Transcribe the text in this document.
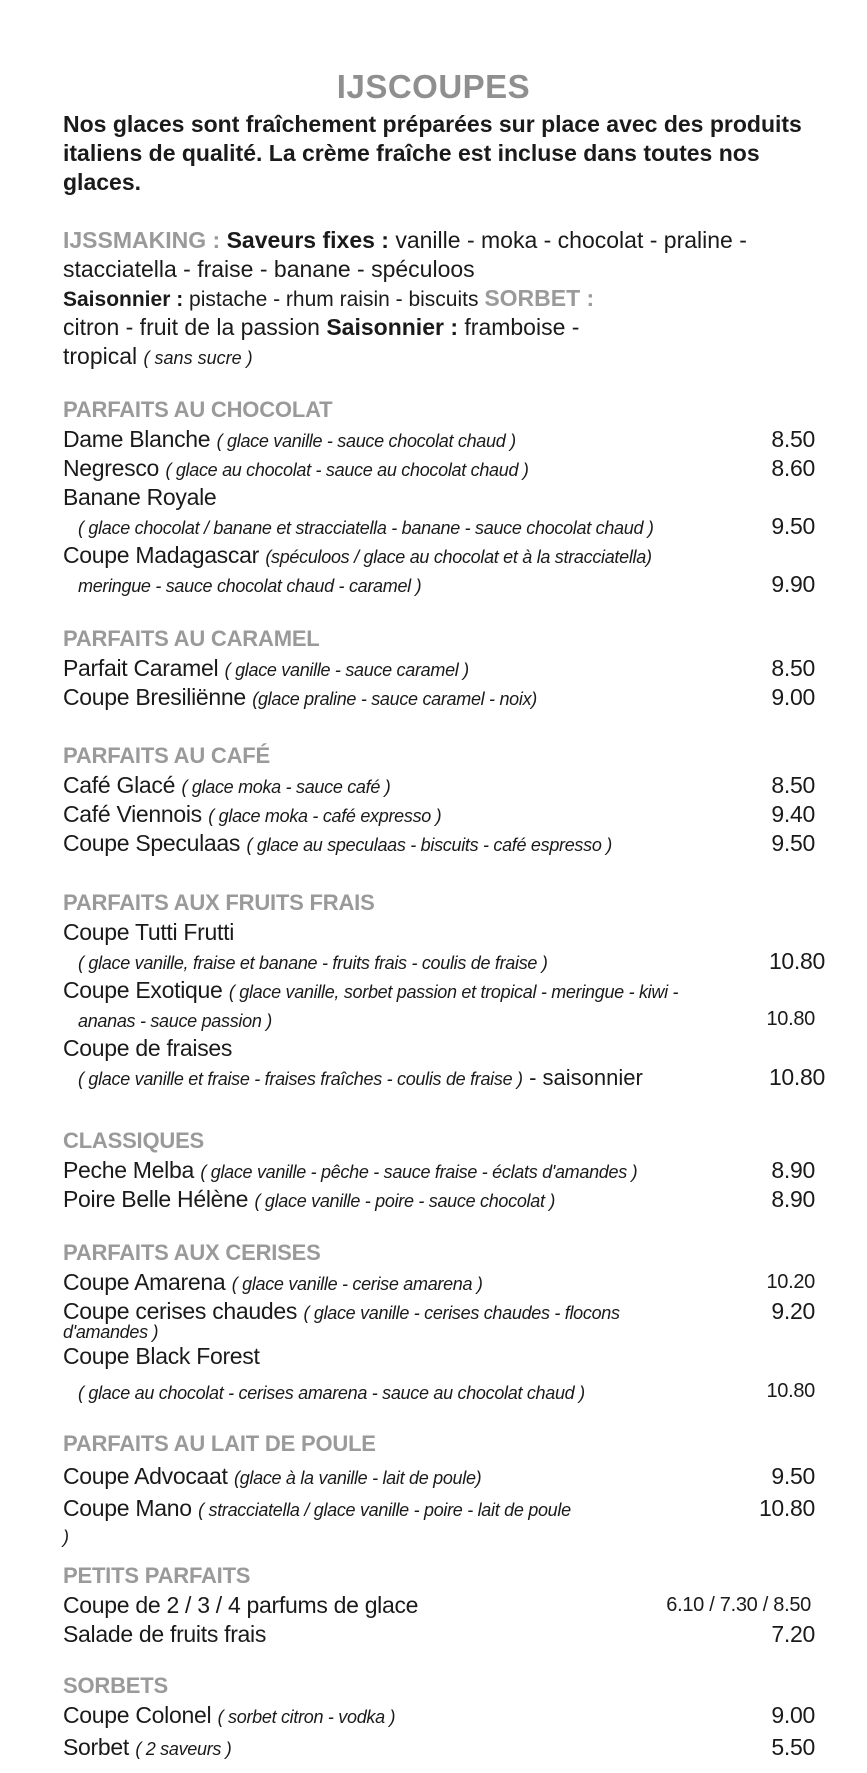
IJSCOUPES
Nos glaces sont fraîchement préparées sur place avec des produits italiens de qualité. La crème fraîche est incluse dans toutes nos glaces.
IJSSMAKING : Saveurs fixes : vanille - moka - chocolat - praline -
stacciatella - fraise - banane - spéculoos
Saisonnier : pistache - rhum raisin - biscuits SORBET :
citron - fruit de la passion Saisonnier : framboise -
tropical ( sans sucre )
PARFAITS AU CHOCOLAT
Dame Blanche ( glace vanille - sauce chocolat chaud )	8.50
Negresco ( glace au chocolat - sauce au chocolat chaud )	8.60
Banane Royale
( glace chocolat / banane et stracciatella - banane - sauce chocolat chaud )	9.50
Coupe Madagascar (spéculoos / glace au chocolat et à la stracciatella)
meringue - sauce chocolat chaud - caramel )	9.90
PARFAITS AU CARAMEL
Parfait Caramel ( glace vanille - sauce caramel )	8.50
Coupe Bresiliënne (glace praline - sauce caramel - noix)	9.00
PARFAITS AU CAFÉ
Café Glacé ( glace moka - sauce café )	8.50
Café Viennois ( glace moka - café expresso )	9.40
Coupe Speculaas ( glace au speculaas - biscuits - café espresso )	9.50
PARFAITS AUX FRUITS FRAIS
Coupe Tutti Frutti
( glace vanille, fraise et banane - fruits frais - coulis de fraise )	10.80
Coupe Exotique ( glace vanille, sorbet passion et tropical - meringue - kiwi -
ananas - sauce passion )	10.80
Coupe de fraises
( glace vanille et fraise - fraises fraîches - coulis de fraise ) - saisonnier	10.80
CLASSIQUES
Peche Melba ( glace vanille - pêche - sauce fraise - éclats d'amandes )	8.90
Poire Belle Hélène ( glace vanille - poire - sauce chocolat )	8.90
PARFAITS AUX CERISES
Coupe Amarena ( glace vanille - cerise amarena )	10.20
Coupe cerises chaudes ( glace vanille - cerises chaudes - flocons	9.20
d'amandes )
Coupe Black Forest
( glace au chocolat - cerises amarena - sauce au chocolat chaud )	10.80
PARFAITS AU LAIT DE POULE
Coupe Advocaat (glace à la vanille - lait de poule)	9.50
Coupe Mano ( stracciatella / glace vanille - poire - lait de poule	10.80
)
PETITS PARFAITS
Coupe de 2 / 3 / 4 parfums de glace	6.10 / 7.30 / 8.50
Salade de fruits frais	7.20
SORBETS
Coupe Colonel ( sorbet citron - vodka )	9.00
Sorbet ( 2 saveurs )	5.50
